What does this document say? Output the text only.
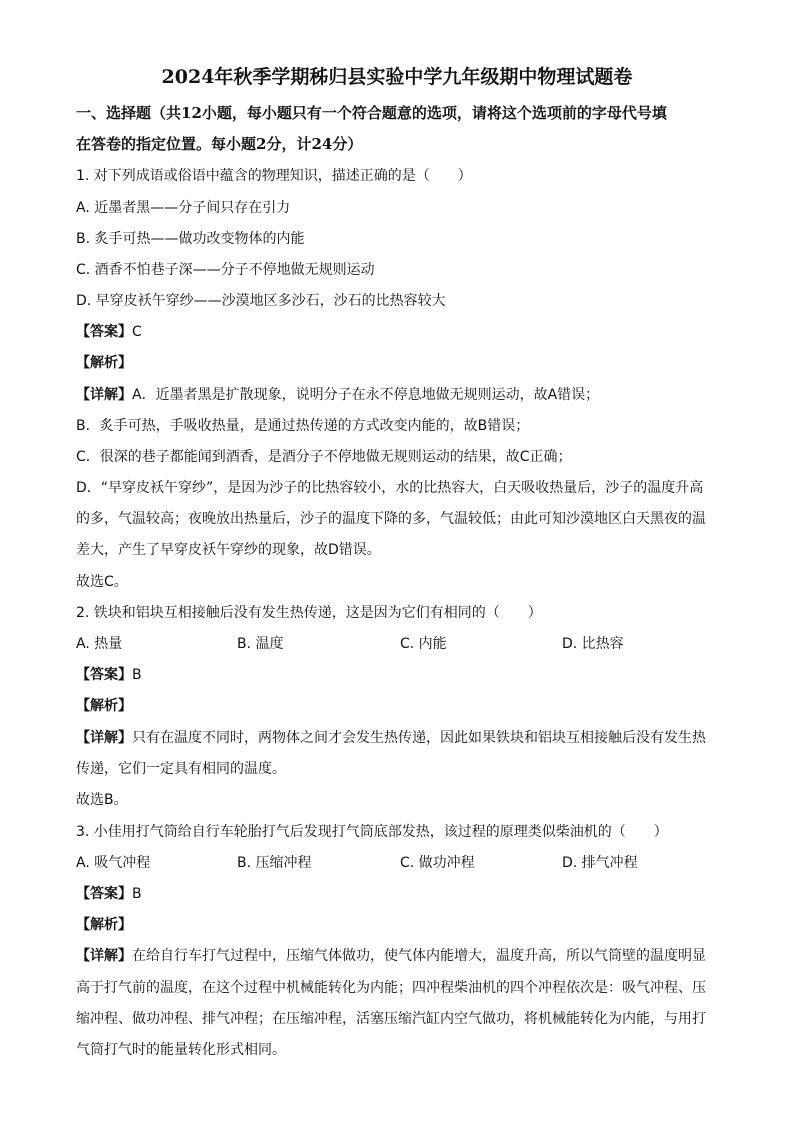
2024年秋季学期秭归县实验中学九年级期中物理试题卷
一、选择题（共12小题，每小题只有一个符合题意的选项，请将这个选项前的字母代号填
在答卷的指定位置。每小题2分，计24分）
1. 对下列成语或俗语中蕴含的物理知识，描述正确的是（　　）
A. 近墨者黑——分子间只存在引力
B. 炙手可热——做功改变物体的内能
C. 酒香不怕巷子深——分子不停地做无规则运动
D. 早穿皮袄午穿纱——沙漠地区多沙石，沙石的比热容较大
【答案】C
【解析】
【详解】A．近墨者黑是扩散现象，说明分子在永不停息地做无规则运动，故A错误；
B．炙手可热，手吸收热量，是通过热传递的方式改变内能的，故B错误；
C．很深的巷子都能闻到酒香，是酒分子不停地做无规则运动的结果，故C正确；
D．“早穿皮袄午穿纱”，是因为沙子的比热容较小，水的比热容大，白天吸收热量后，沙子的温度升高
的多，气温较高；夜晚放出热量后，沙子的温度下降的多，气温较低；由此可知沙漠地区白天黑夜的温
差大，产生了早穿皮袄午穿纱的现象，故D错误。
故选C。
2. 铁块和铝块互相接触后没有发生热传递，这是因为它们有相同的（　　）
A. 热量	B. 温度	C. 内能	D. 比热容
【答案】B
【解析】
【详解】只有在温度不同时，两物体之间才会发生热传递，因此如果铁块和铝块互相接触后没有发生热
传递，它们一定具有相同的温度。
故选B。
3. 小佳用打气筒给自行车轮胎打气后发现打气筒底部发热，该过程的原理类似柴油机的（　　）
A. 吸气冲程	B. 压缩冲程	C. 做功冲程	D. 排气冲程
【答案】B
【解析】
【详解】在给自行车打气过程中，压缩气体做功，使气体内能增大，温度升高，所以气筒壁的温度明显
高于打气前的温度，在这个过程中机械能转化为内能；四冲程柴油机的四个冲程依次是：吸气冲程、压
缩冲程、做功冲程、排气冲程；在压缩冲程，活塞压缩汽缸内空气做功，将机械能转化为内能，与用打
气筒打气时的能量转化形式相同。
